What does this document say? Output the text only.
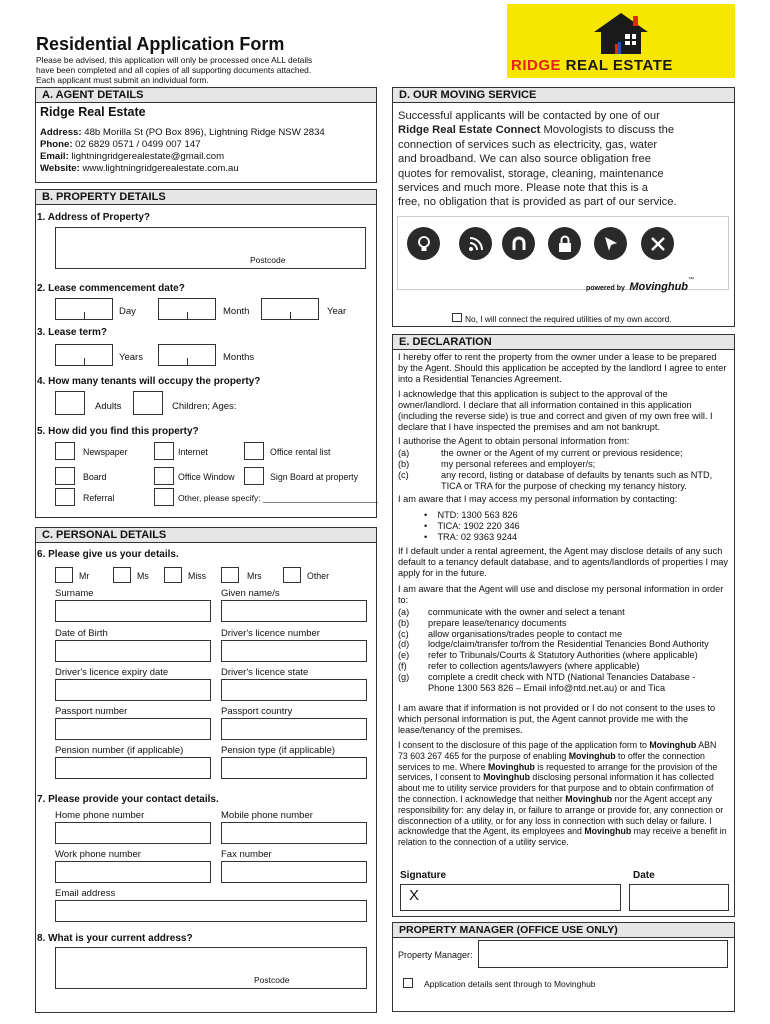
Residential Application Form
Please be advised, this application will only be processed once ALL details
have been completed and all copies of all supporting documents attached.
Each applicant must submit an individual form.
RIDGE REAL ESTATE
A. AGENT DETAILS
Ridge Real Estate
Address: 48b Morilla St (PO Box 896), Lightning Ridge NSW 2834
Phone: 02 6829 0571 / 0499 007 147
Email: lightningridgerealestate@gmail.com
Website: www.lightningridgerealestate.com.au
B. PROPERTY DETAILS
1. Address of Property?
Postcode
2. Lease commencement date?
Day	Month	Year
3. Lease term?
Years	Months
4. How many tenants will occupy the property?
Adults	Children; Ages:
5. How did you find this property?
Newspaper	Internet	Office rental list
Board	Office Window	Sign Board at property
Referral	Other, please specify: ________________________
C. PERSONAL DETAILS
6. Please give us your details.
Mr	Ms	Miss	Mrs	Other
Surname	Given name/s
Date of Birth	Driver's licence number
Driver's licence expiry date	Driver's licence state
Passport number	Passport country
Pension number (if applicable)	Pension type (if applicable)
7. Please provide your contact details.
Home phone number	Mobile phone number
Work phone number	Fax number
Email address
8. What is your current address?
Postcode
D. OUR MOVING SERVICE
Successful applicants will be contacted by one of our
Ridge Real Estate Connect Movologists to discuss the
connection of services such as electricity, gas, water
and broadband. We can also source obligation free
quotes for removalist, storage, cleaning, maintenance
services and much more. Please note that this is a
free, no obligation that is provided as part of our service.
powered by Movinghub™
No, I will connect the required utilities of my own accord.
E. DECLARATION
I hereby offer to rent the property from the owner under a lease to be prepared by the Agent. Should this application be accepted by the landlord I agree to enter into a Residential Tenancies Agreement.
I acknowledge that this application is subject to the approval of the owner/landlord. I declare that all information contained in this application (including the reverse side) is true and correct and given of my own free will. I declare that I have inspected the premises and am not bankrupt.
I authorise the Agent to obtain personal information from:
(a)	the owner or the Agent of my current or previous residence;
(b)	my personal referees and employer/s;
(c)	any record, listing or database of defaults by tenants such as NTD, TICA or TRA for the purpose of checking my tenancy history.
I am aware that I may access my personal information by contacting:
•    NTD: 1300 563 826
•    TICA: 1902 220 346
•    TRA: 02 9363 9244
If I default under a rental agreement, the Agent may disclose details of any such default to a tenancy default database, and to agents/landlords of properties I may apply for in the future.
I am aware that the Agent will use and disclose my personal information in order to:
(a)	communicate with the owner and select a tenant
(b)	prepare lease/tenancy documents
(c)	allow organisations/trades people to contact me
(d)	lodge/claim/transfer to/from the Residential Tenancies Bond Authority
(e)	refer to Tribunals/Courts & Statutory Authorities (where applicable)
(f)	refer to collection agents/lawyers (where applicable)
(g)	complete a credit check with NTD (National Tenancies Database - Phone 1300 563 826 – Email info@ntd.net.au) or and Tica
I am aware that if information is not provided or I do not consent to the uses to which personal information is put, the Agent cannot provide me with the lease/tenancy of the premises.
I consent to the disclosure of this page of the application form to Movinghub ABN 73 603 267 465 for the purpose of enabling Movinghub to offer the connection services to me. Where Movinghub is requested to arrange for the provision of the services, I consent to Movinghub disclosing personal information it has collected about me to utility service providers for that purpose and to obtain confirmation of the connection. I acknowledge that neither Movinghub nor the Agent accept any responsibility for: any delay in, or failure to arrange or provide for, any connection or disconnection of a utility, or for any loss in connection with such delay or failure. I acknowledge that the Agent, its employees and Movinghub may receive a benefit in relation to the connection of a utility service.
Signature	Date
X
PROPERTY MANAGER (OFFICE USE ONLY)
Property Manager:
Application details sent through to Movinghub
